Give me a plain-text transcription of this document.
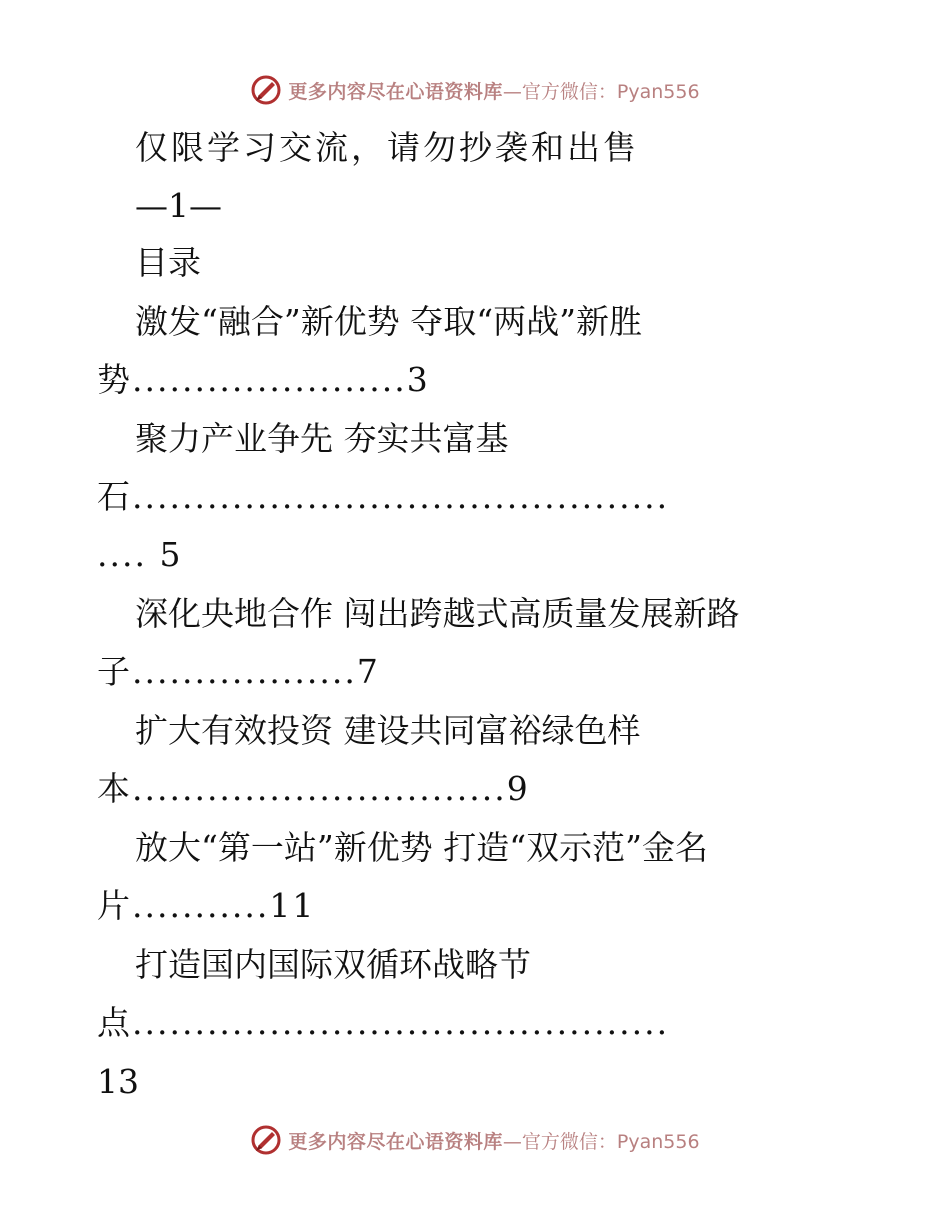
更多内容尽在心语资料库 —官方微信：Pyan556
仅限学习交流，请勿抄袭和出售
—1—
目录
激发“融合”新优势 夺取“两战”新胜
势......................3
聚力产业争先 夯实共富基
石...........................................
.... 5
深化央地合作 闯出跨越式高质量发展新路
子..................7
扩大有效投资 建设共同富裕绿色样
本..............................9
放大“第一站”新优势 打造“双示范”金名
片...........11
打造国内国际双循环战略节
点...........................................
13
更多内容尽在心语资料库 —官方微信：Pyan556
